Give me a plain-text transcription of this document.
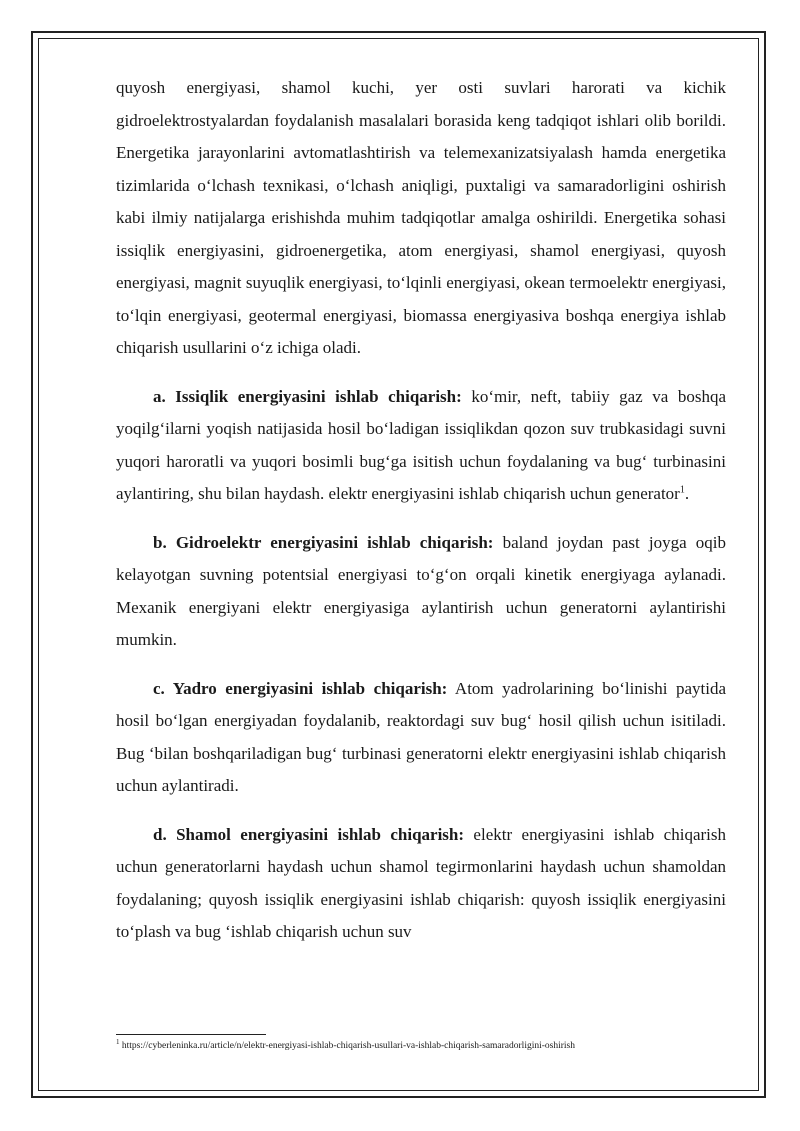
quyosh energiyasi, shamol kuchi, yer osti suvlari harorati va kichik gidroelektrostyalardan foydalanish masalalari borasida keng tadqiqot ishlari olib borildi. Energetika jarayonlarini avtomatlashtirish va telemexanizatsiyalash hamda energetika tizimlarida o‘lchash texnikasi, o‘lchash aniqligi, puxtaligi va samaradorligini oshirish kabi ilmiy natijalarga erishishda muhim tadqiqotlar amalga oshirildi. Energetika sohasi issiqlik energiyasini, gidroenergetika, atom energiyasi, shamol energiyasi, quyosh energiyasi, magnit suyuqlik energiyasi, to‘lqinli energiyasi, okean termoelektr energiyasi, to‘lqin energiyasi, geotermal energiyasi, biomassa energiyasiva boshqa energiya ishlab chiqarish usullarini o‘z ichiga oladi.

a. Issiqlik energiyasini ishlab chiqarish: ko‘mir, neft, tabiiy gaz va boshqa yoqilg‘ilarni yoqish natijasida hosil bo‘ladigan issiqlikdan qozon suv trubkasidagi suvni yuqori haroratli va yuqori bosimli bug‘ga isitish uchun foydalaning va bug‘ turbinasini aylantiring, shu bilan haydash. elektr energiyasini ishlab chiqarish uchun generator$^1$.

b. Gidroelektr energiyasini ishlab chiqarish: baland joydan past joyga oqib kelayotgan suvning potentsial energiyasi to‘g‘on orqali kinetik energiyaga aylanadi. Mexanik energiyani elektr energiyasiga aylantirish uchun generatorni aylantirishi mumkin.

c. Yadro energiyasini ishlab chiqarish: Atom yadrolarining bo‘linishi paytida hosil bo‘lgan energiyadan foydalanib, reaktordagi suv bug‘ hosil qilish uchun isitiladi. Bug ‘bilan boshqariladigan bug‘ turbinasi generatorni elektr energiyasini ishlab chiqarish uchun aylantiradi.

d. Shamol energiyasini ishlab chiqarish: elektr energiyasini ishlab chiqarish uchun generatorlarni haydash uchun shamol tegirmonlarini haydash uchun shamoldan foydalaning; quyosh issiqlik energiyasini ishlab chiqarish: quyosh issiqlik energiyasini to‘plash va bug ‘ishlab chiqarish uchun suv

$^1$ https://cyberleninka.ru/article/n/elektr-energiyasi-ishlab-chiqarish-usullari-va-ishlab-chiqarish-samaradorligini-oshirish
